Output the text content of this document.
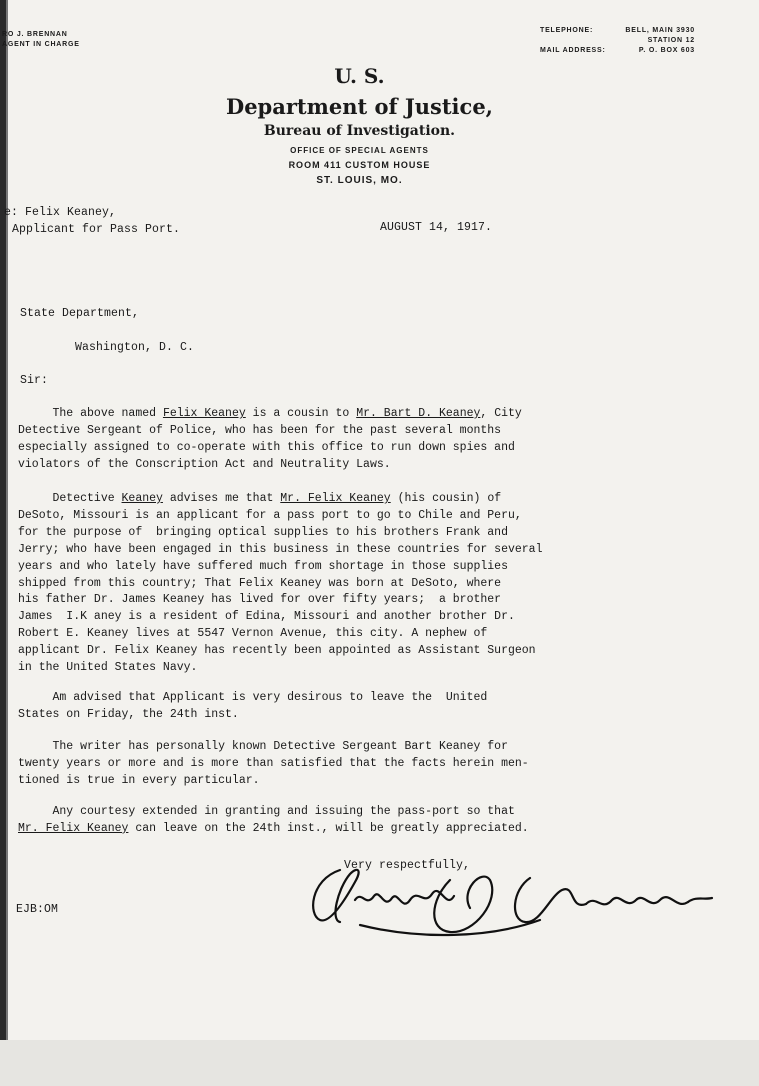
RO J. BRENNAN
AGENT IN CHARGE
TELEPHONE:	BELL, MAIN 3930
STATION 12
MAIL ADDRESS:	P. O. BOX 603
U. S.
Department of Justice,
Bureau of Investigation.
OFFICE OF SPECIAL AGENTS
ROOM 411 CUSTOM HOUSE
ST. LOUIS, MO.
e: Felix Keaney,
Applicant for Pass Port.	AUGUST 14, 1917.
State Department,
Washington, D. C.
Sir:
The above named Felix Keaney is a cousin to Mr. Bart D. Keaney, City
Detective Sergeant of Police, who has been for the past several months
especially assigned to co-operate with this office to run down spies and
violators of the Conscription Act and Neutrality Laws.
Detective Keaney advises me that Mr. Felix Keaney (his cousin) of
DeSoto, Missouri is an applicant for a pass port to go to Chile and Peru,
for the purpose of  bringing optical supplies to his brothers Frank and
Jerry; who have been engaged in this business in these countries for several
years and who lately have suffered much from shortage in those supplies
shipped from this country; That Felix Keaney was born at DeSoto, where
his father Dr. James Keaney has lived for over fifty years;  a brother
James  I.K aney is a resident of Edina, Missouri and another brother Dr.
Robert E. Keaney lives at 5547 Vernon Avenue, this city. A nephew of
applicant Dr. Felix Keaney has recently been appointed as Assistant Surgeon
in the United States Navy.
Am advised that Applicant is very desirous to leave the  United
States on Friday, the 24th inst.
The writer has personally known Detective Sergeant Bart Keaney for
twenty years or more and is more than satisfied that the facts herein men-
tioned is true in every particular.
Any courtesy extended in granting and issuing the pass-port so that
Mr. Felix Keaney can leave on the 24th inst., will be greatly appreciated.
Very respectfully,
EJB:OM
